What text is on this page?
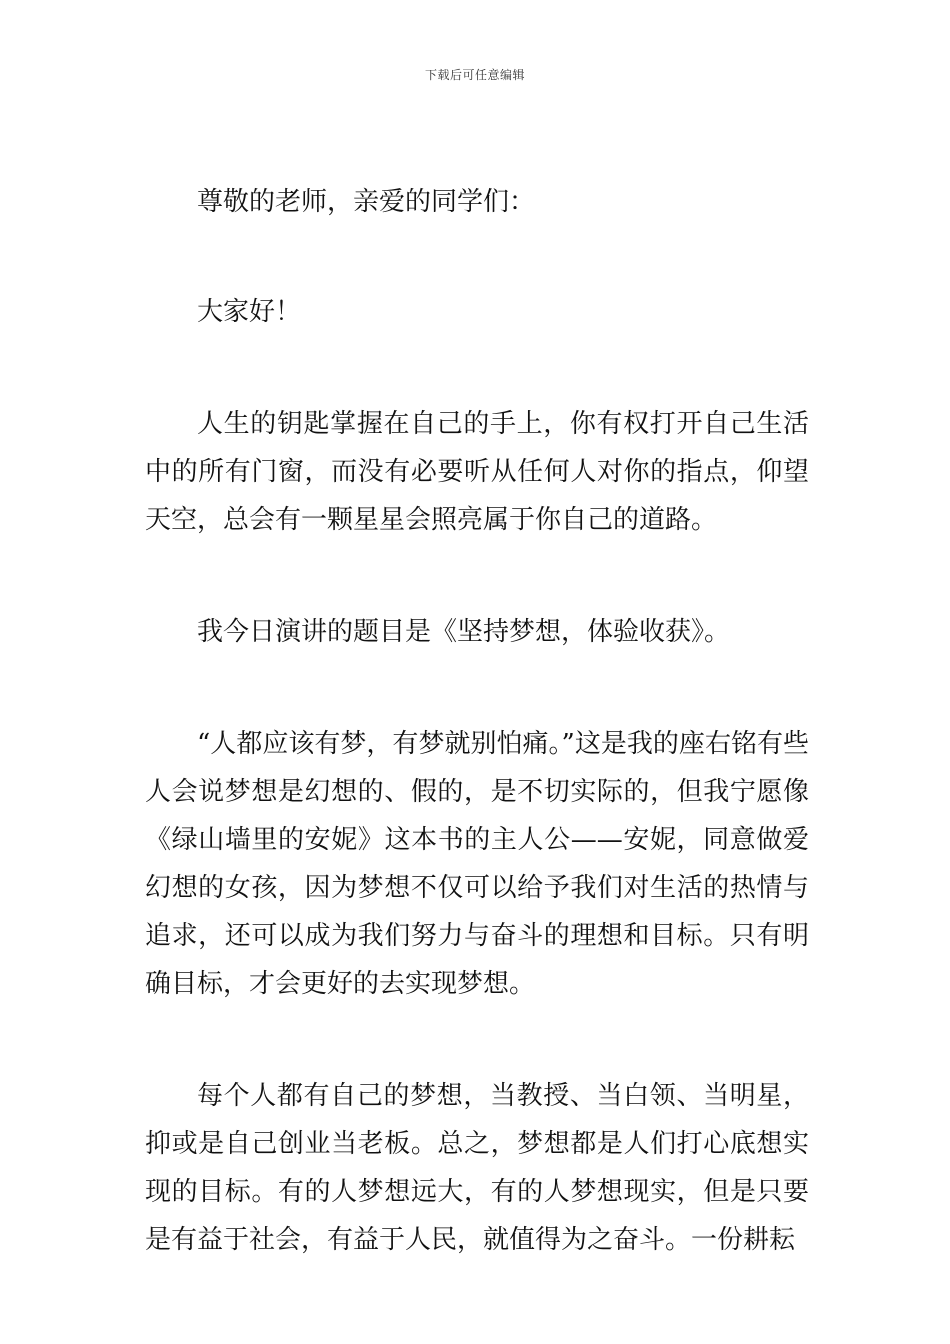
下载后可任意编辑

尊敬的老师，亲爱的同学们：

大家好！

人生的钥匙掌握在自己的手上，你有权打开自己生活中的所有门窗，而没有必要听从任何人对你的指点，仰望天空，总会有一颗星星会照亮属于你自己的道路。

我今日演讲的题目是《坚持梦想，体验收获》。

“人都应该有梦，有梦就别怕痛。”这是我的座右铭有些人会说梦想是幻想的、假的，是不切实际的，但我宁愿像《绿山墙里的安妮》这本书的主人公——安妮，同意做爱幻想的女孩，因为梦想不仅可以给予我们对生活的热情与追求，还可以成为我们努力与奋斗的理想和目标。只有明确目标，才会更好的去实现梦想。

每个人都有自己的梦想，当教授、当白领、当明星，抑或是自己创业当老板。总之，梦想都是人们打心底想实现的目标。有的人梦想远大，有的人梦想现实，但是只要是有益于社会，有益于人民，就值得为之奋斗。一份耕耘
